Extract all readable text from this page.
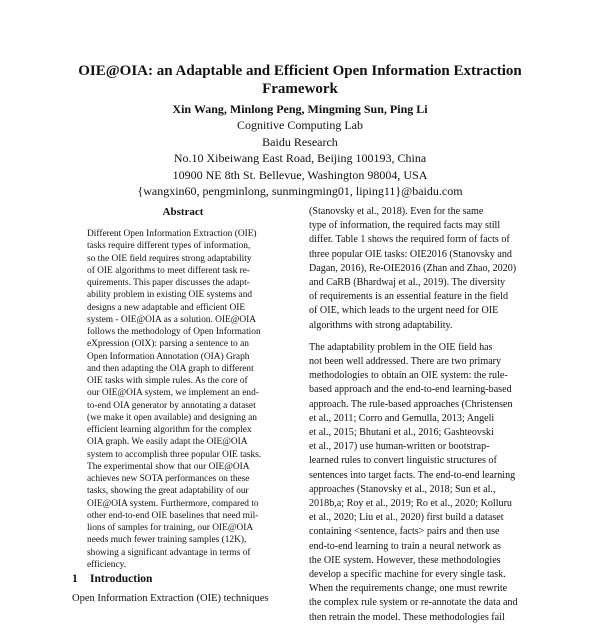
OIE@OIA: an Adaptable and Efficient Open Information Extraction
Framework
Xin Wang, Minlong Peng, Mingming Sun, Ping Li
Cognitive Computing Lab
Baidu Research
No.10 Xibeiwang East Road, Beijing 100193, China
10900 NE 8th St. Bellevue, Washington 98004, USA
{wangxin60, pengminlong, sunmingming01, liping11}@baidu.com
Abstract
Different Open Information Extraction (OIE)
tasks require different types of information,
so the OIE field requires strong adaptability
of OIE algorithms to meet different task re-
quirements. This paper discusses the adapt-
ability problem in existing OIE systems and
designs a new adaptable and efficient OIE
system - OIE@OIA as a solution. OIE@OIA
follows the methodology of Open Information
eXpression (OIX): parsing a sentence to an
Open Information Annotation (OIA) Graph
and then adapting the OIA graph to different
OIE tasks with simple rules. As the core of
our OIE@OIA system, we implement an end-
to-end OIA generator by annotating a dataset
(we make it open available) and designing an
efficient learning algorithm for the complex
OIA graph. We easily adapt the OIE@OIA
system to accomplish three popular OIE tasks.
The experimental show that our OIE@OIA
achieves new SOTA performances on these
tasks, showing the great adaptability of our
OIE@OIA system. Furthermore, compared to
other end-to-end OIE baselines that need mil-
lions of samples for training, our OIE@OIA
needs much fewer training samples (12K),
showing a significant advantage in terms of
efficiency.
1 Introduction
Open Information Extraction (OIE) techniques
(Stanovsky et al., 2018). Even for the same
type of information, the required facts may still
differ. Table 1 shows the required form of facts of
three popular OIE tasks: OIE2016 (Stanovsky and
Dagan, 2016), Re-OIE2016 (Zhan and Zhao, 2020)
and CaRB (Bhardwaj et al., 2019). The diversity
of requirements is an essential feature in the field
of OIE, which leads to the urgent need for OIE
algorithms with strong adaptability.
The adaptability problem in the OIE field has
not been well addressed. There are two primary
methodologies to obtain an OIE system: the rule-
based approach and the end-to-end learning-based
approach. The rule-based approaches (Christensen
et al., 2011; Corro and Gemulla, 2013; Angeli
et al., 2015; Bhutani et al., 2016; Gashteovski
et al., 2017) use human-written or bootstrap-
learned rules to convert linguistic structures of
sentences into target facts. The end-to-end learning
approaches (Stanovsky et al., 2018; Sun et al.,
2018b,a; Roy et al., 2019; Ro et al., 2020; Kolluru
et al., 2020; Liu et al., 2020) first build a dataset
containing <sentence, facts> pairs and then use
end-to-end learning to train a neural network as
the OIE system. However, these methodologies
develop a specific machine for every single task.
When the requirements change, one must rewrite
the complex rule system or re-annotate the data and
then retrain the model. These methodologies fail
